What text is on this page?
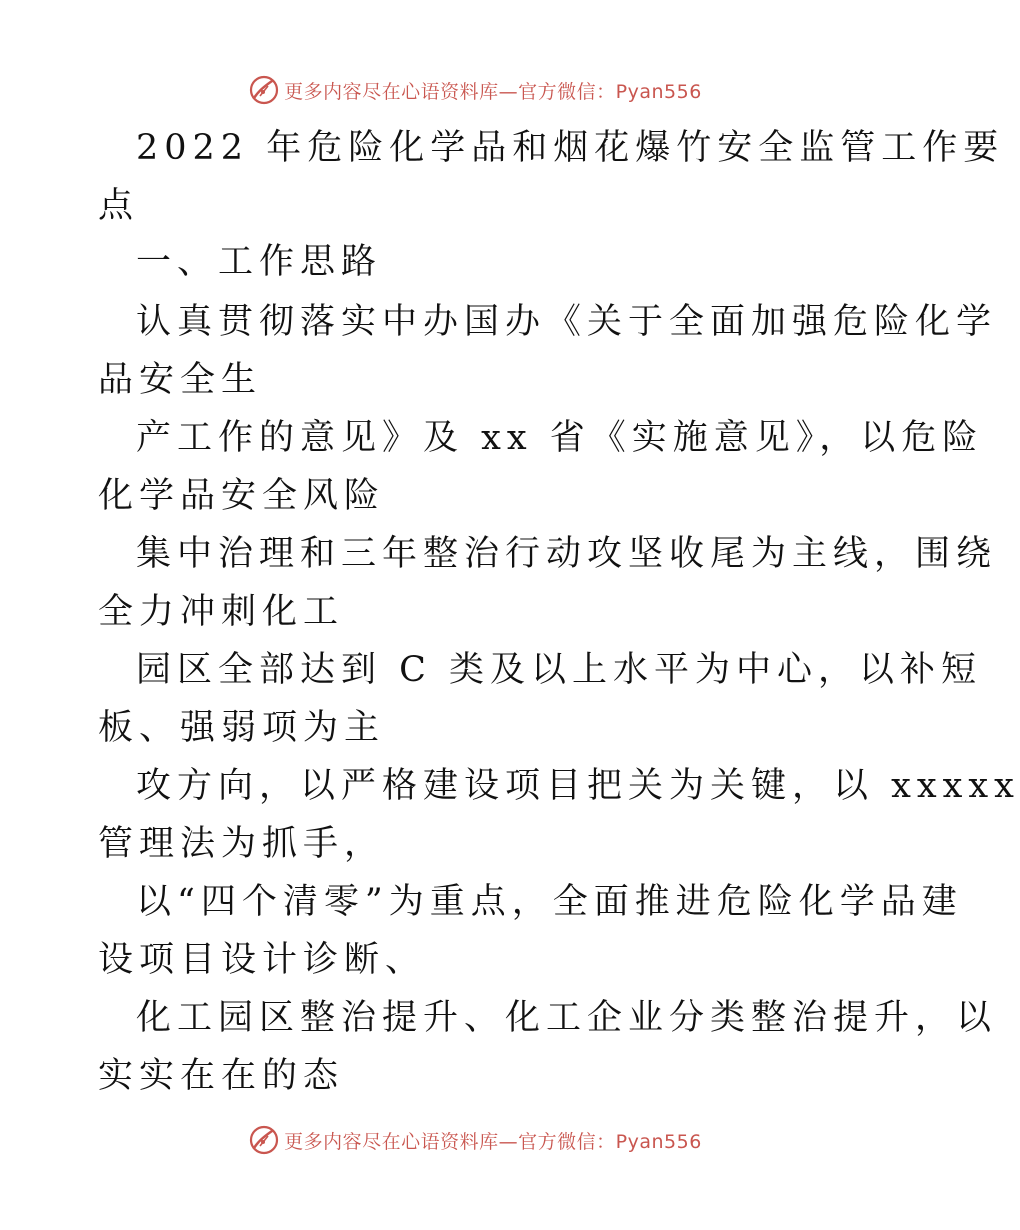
更多内容尽在心语资料库—官方微信：Pyan556
2022 年危险化学品和烟花爆竹安全监管工作要
点
一、工作思路
认真贯彻落实中办国办《关于全面加强危险化学
品安全生
产工作的意见》及 xx 省《实施意见》，以危险
化学品安全风险
集中治理和三年整治行动攻坚收尾为主线，围绕
全力冲刺化工
园区全部达到 C 类及以上水平为中心，以补短
板、强弱项为主
攻方向，以严格建设项目把关为关键，以 xxxxx
管理法为抓手，
以“四个清零”为重点，全面推进危险化学品建
设项目设计诊断、
化工园区整治提升、化工企业分类整治提升，以
实实在在的态
更多内容尽在心语资料库—官方微信：Pyan556
